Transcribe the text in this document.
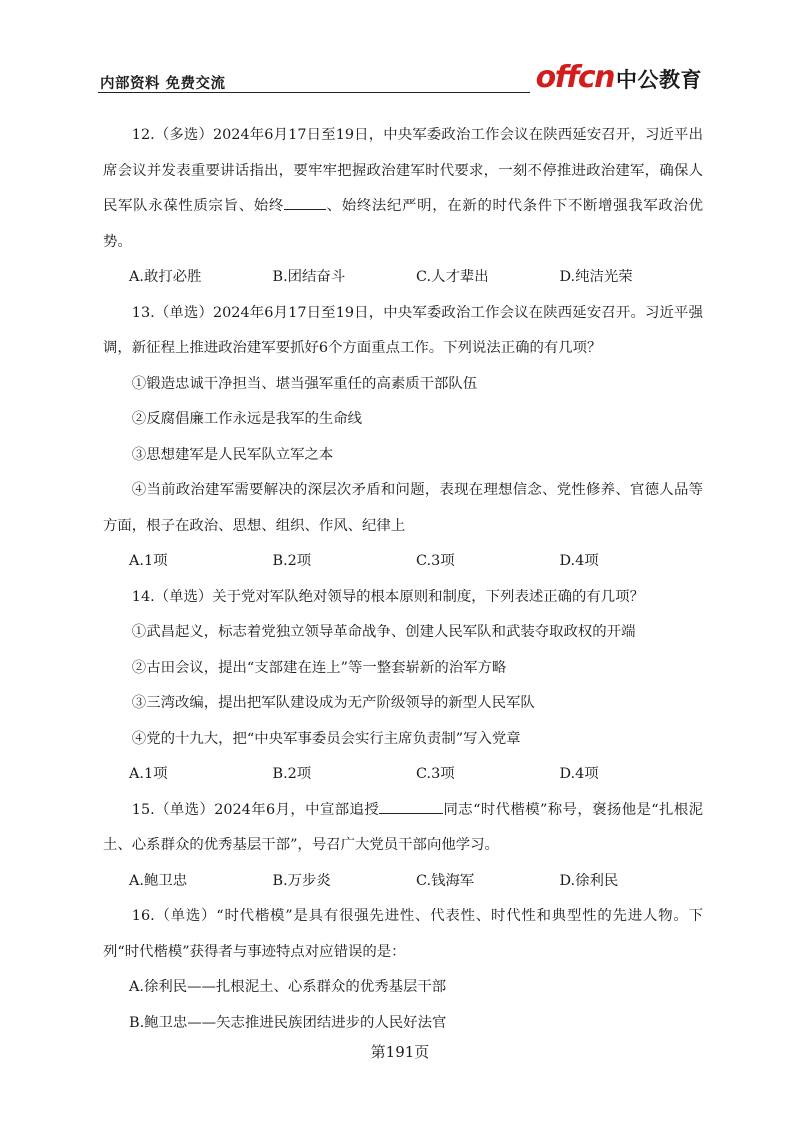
内部资料 免费交流	offcn 中公教育

12.（多选）2024年6月17日至19日，中央军委政治工作会议在陕西延安召开，习近平出席会议并发表重要讲话指出，要牢牢把握政治建军时代要求，一刻不停推进政治建军，确保人民军队永葆性质宗旨、始终	、始终法纪严明，在新的时代条件下不断增强我军政治优势。

A.敢打必胜	B.团结奋斗	C.人才辈出	D.纯洁光荣

13.（单选）2024年6月17日至19日，中央军委政治工作会议在陕西延安召开。习近平强调，新征程上推进政治建军要抓好6个方面重点工作。下列说法正确的有几项？

①锻造忠诚干净担当、堪当强军重任的高素质干部队伍

②反腐倡廉工作永远是我军的生命线

③思想建军是人民军队立军之本

④当前政治建军需要解决的深层次矛盾和问题，表现在理想信念、党性修养、官德人品等方面，根子在政治、思想、组织、作风、纪律上

A.1项	B.2项	C.3项	D.4项

14.（单选）关于党对军队绝对领导的根本原则和制度，下列表述正确的有几项？

①武昌起义，标志着党独立领导革命战争、创建人民军队和武装夺取政权的开端

②古田会议，提出“支部建在连上”等一整套崭新的治军方略

③三湾改编，提出把军队建设成为无产阶级领导的新型人民军队

④党的十九大，把“中央军事委员会实行主席负责制”写入党章

A.1项	B.2项	C.3项	D.4项

15.（单选）2024年6月，中宣部追授	同志“时代楷模”称号，褒扬他是“扎根泥土、心系群众的优秀基层干部”，号召广大党员干部向他学习。

A.鲍卫忠	B.万步炎	C.钱海军	D.徐利民

16.（单选）“时代楷模”是具有很强先进性、代表性、时代性和典型性的先进人物。下列“时代楷模”获得者与事迹特点对应错误的是：

A.徐利民——扎根泥土、心系群众的优秀基层干部

B.鲍卫忠——矢志推进民族团结进步的人民好法官

第191页
